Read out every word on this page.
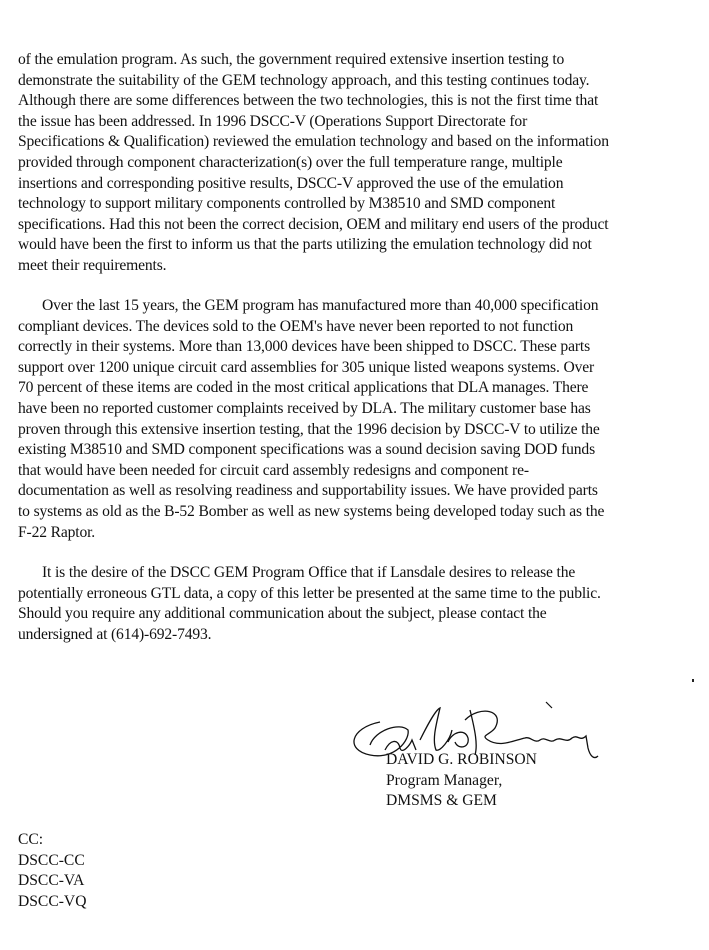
of the emulation program. As such, the government required extensive insertion testing to
demonstrate the suitability of the GEM technology approach, and this testing continues today.
Although there are some differences between the two technologies, this is not the first time that
the issue has been addressed. In 1996 DSCC-V (Operations Support Directorate for
Specifications & Qualification) reviewed the emulation technology and based on the information
provided through component characterization(s) over the full temperature range, multiple
insertions and corresponding positive results, DSCC-V approved the use of the emulation
technology to support military components controlled by M38510 and SMD component
specifications. Had this not been the correct decision, OEM and military end users of the product
would have been the first to inform us that the parts utilizing the emulation technology did not
meet their requirements.
Over the last 15 years, the GEM program has manufactured more than 40,000 specification
compliant devices. The devices sold to the OEM's have never been reported to not function
correctly in their systems. More than 13,000 devices have been shipped to DSCC. These parts
support over 1200 unique circuit card assemblies for 305 unique listed weapons systems. Over
70 percent of these items are coded in the most critical applications that DLA manages. There
have been no reported customer complaints received by DLA. The military customer base has
proven through this extensive insertion testing, that the 1996 decision by DSCC-V to utilize the
existing M38510 and SMD component specifications was a sound decision saving DOD funds
that would have been needed for circuit card assembly redesigns and component re-
documentation as well as resolving readiness and supportability issues. We have provided parts
to systems as old as the B-52 Bomber as well as new systems being developed today such as the
F-22 Raptor.
It is the desire of the DSCC GEM Program Office that if Lansdale desires to release the
potentially erroneous GTL data, a copy of this letter be presented at the same time to the public.
Should you require any additional communication about the subject, please contact the
undersigned at (614)-692-7493.
DAVID G. ROBINSON
Program Manager,
DMSMS & GEM
CC:
DSCC-CC
DSCC-VA
DSCC-VQ
